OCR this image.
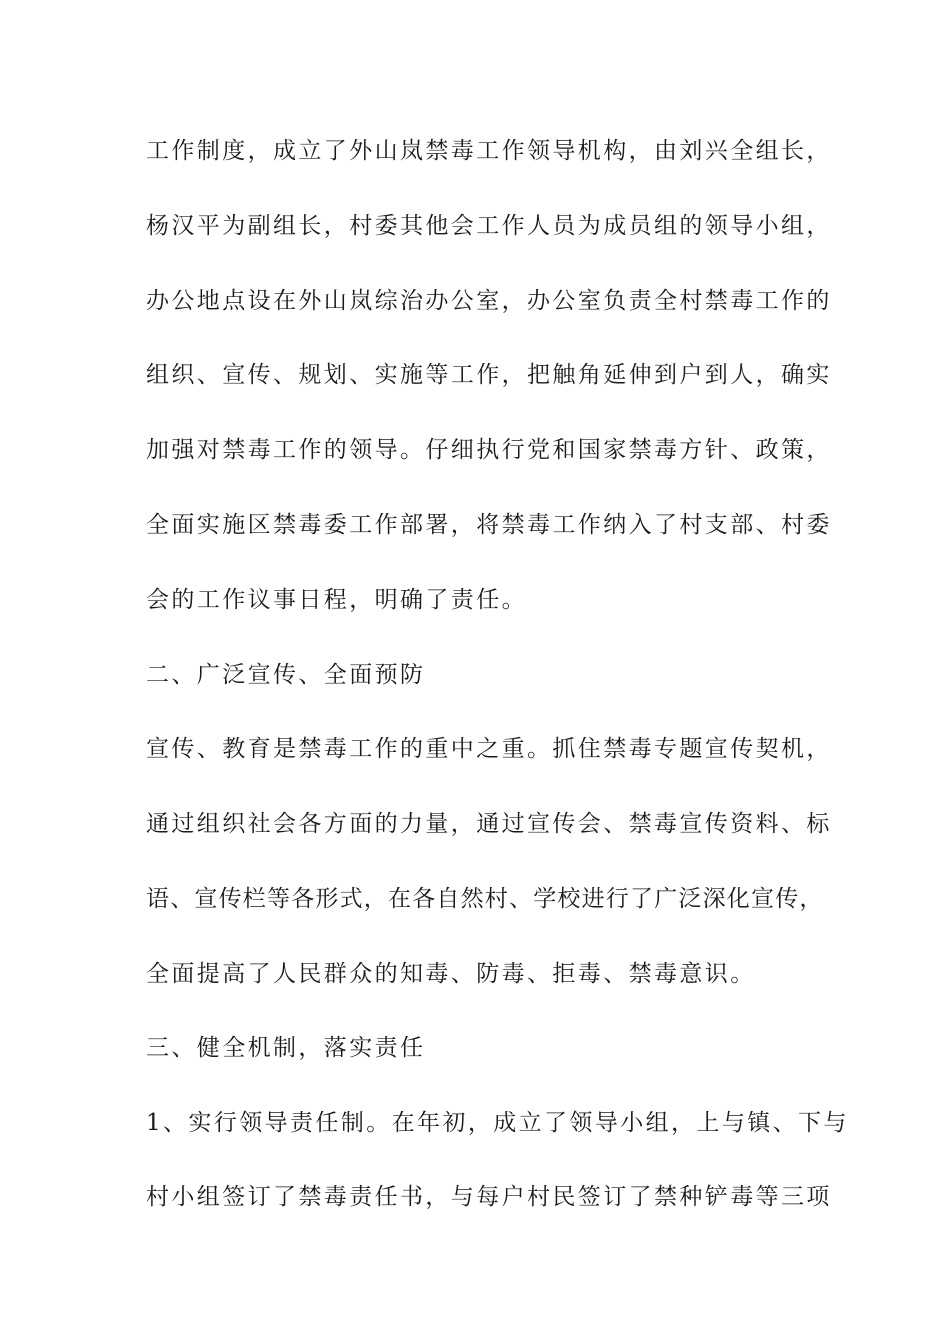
工作制度，成立了外山岚禁毒工作领导机构，由刘兴全组长，
杨汉平为副组长，村委其他会工作人员为成员组的领导小组，
办公地点设在外山岚综治办公室，办公室负责全村禁毒工作的
组织、宣传、规划、实施等工作，把触角延伸到户到人，确实
加强对禁毒工作的领导。仔细执行党和国家禁毒方针、政策，
全面实施区禁毒委工作部署，将禁毒工作纳入了村支部、村委
会的工作议事日程，明确了责任。
二、广泛宣传、全面预防
宣传、教育是禁毒工作的重中之重。抓住禁毒专题宣传契机，
通过组织社会各方面的力量，通过宣传会、禁毒宣传资料、标
语、宣传栏等各形式，在各自然村、学校进行了广泛深化宣传，
全面提高了人民群众的知毒、防毒、拒毒、禁毒意识。
三、健全机制，落实责任
1、实行领导责任制。在年初，成立了领导小组，上与镇、下与
村小组签订了禁毒责任书，与每户村民签订了禁种铲毒等三项
